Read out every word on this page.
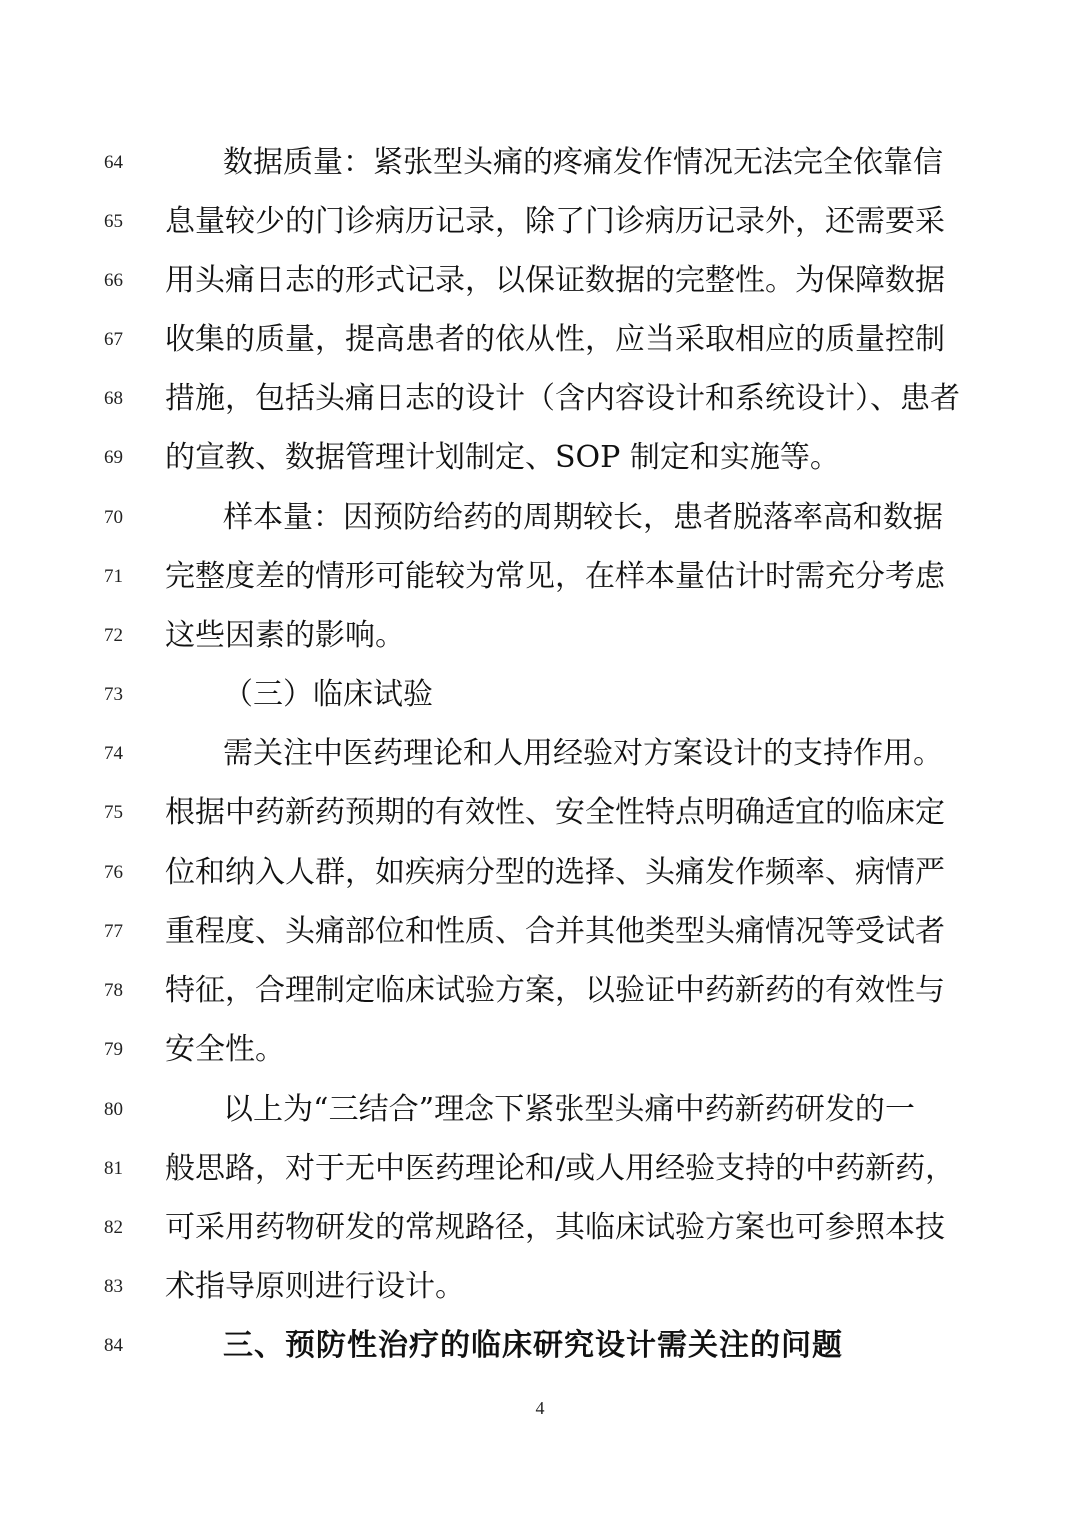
64	数据质量：紧张型头痛的疼痛发作情况无法完全依靠信
65	息量较少的门诊病历记录，除了门诊病历记录外，还需要采
66	用头痛日志的形式记录，以保证数据的完整性。为保障数据
67	收集的质量，提高患者的依从性，应当采取相应的质量控制
68	措施，包括头痛日志的设计（含内容设计和系统设计）、患者
69	的宣教、数据管理计划制定、SOP 制定和实施等。
70	样本量：因预防给药的周期较长，患者脱落率高和数据
71	完整度差的情形可能较为常见，在样本量估计时需充分考虑
72	这些因素的影响。
73	（三）临床试验
74	需关注中医药理论和人用经验对方案设计的支持作用。
75	根据中药新药预期的有效性、安全性特点明确适宜的临床定
76	位和纳入人群，如疾病分型的选择、头痛发作频率、病情严
77	重程度、头痛部位和性质、合并其他类型头痛情况等受试者
78	特征，合理制定临床试验方案，以验证中药新药的有效性与
79	安全性。
80	以上为“三结合”理念下紧张型头痛中药新药研发的一
81	般思路，对于无中医药理论和/或人用经验支持的中药新药，
82	可采用药物研发的常规路径，其临床试验方案也可参照本技
83	术指导原则进行设计。
84	三、预防性治疗的临床研究设计需关注的问题
4
